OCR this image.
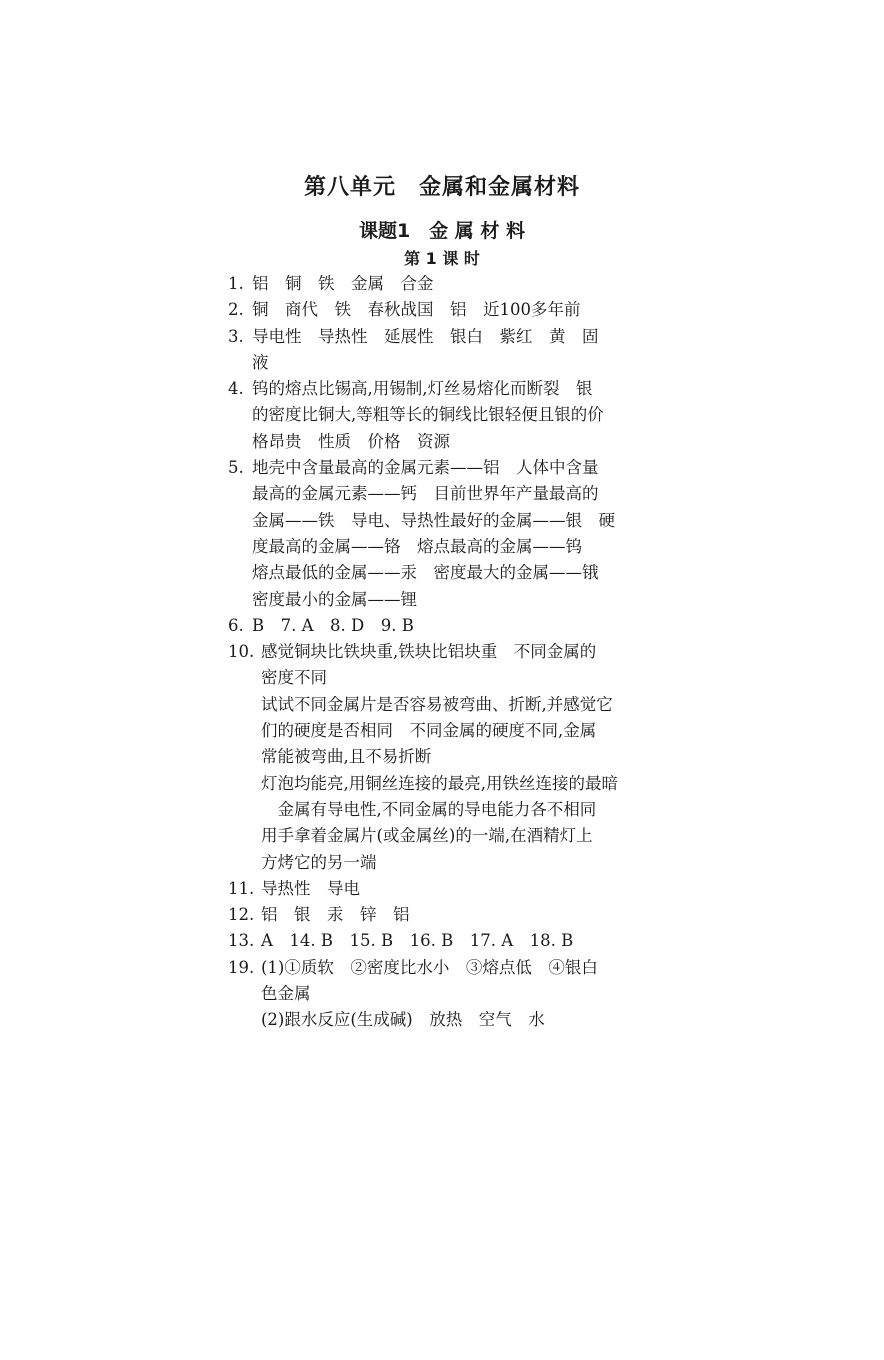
第八单元　金属和金属材料
课题1　金 属 材 料
第 1 课 时
1. 铝　铜　铁　金属　合金
2. 铜　商代　铁　春秋战国　铝　近100多年前
3. 导电性　导热性　延展性　银白　紫红　黄　固
液
4. 钨的熔点比锡高,用锡制,灯丝易熔化而断裂　银
的密度比铜大,等粗等长的铜线比银轻便且银的价
格昂贵　性质　价格　资源
5. 地壳中含量最高的金属元素——铝　人体中含量
最高的金属元素——钙　目前世界年产量最高的
金属——铁　导电、导热性最好的金属——银　硬
度最高的金属——铬　熔点最高的金属——钨
熔点最低的金属——汞　密度最大的金属——锇
密度最小的金属——锂
6. B　7. A　8. D　9. B
10. 感觉铜块比铁块重,铁块比铝块重　不同金属的
密度不同
试试不同金属片是否容易被弯曲、折断,并感觉它
们的硬度是否相同　不同金属的硬度不同,金属
常能被弯曲,且不易折断
灯泡均能亮,用铜丝连接的最亮,用铁丝连接的最暗
　金属有导电性,不同金属的导电能力各不相同
用手拿着金属片(或金属丝)的一端,在酒精灯上
方烤它的另一端
11. 导热性　导电
12. 铝　银　汞　锌　铝
13. A　14. B　15. B　16. B　17. A　18. B
19. (1)①质软　②密度比水小　③熔点低　④银白
色金属
(2)跟水反应(生成碱)　放热　空气　水
